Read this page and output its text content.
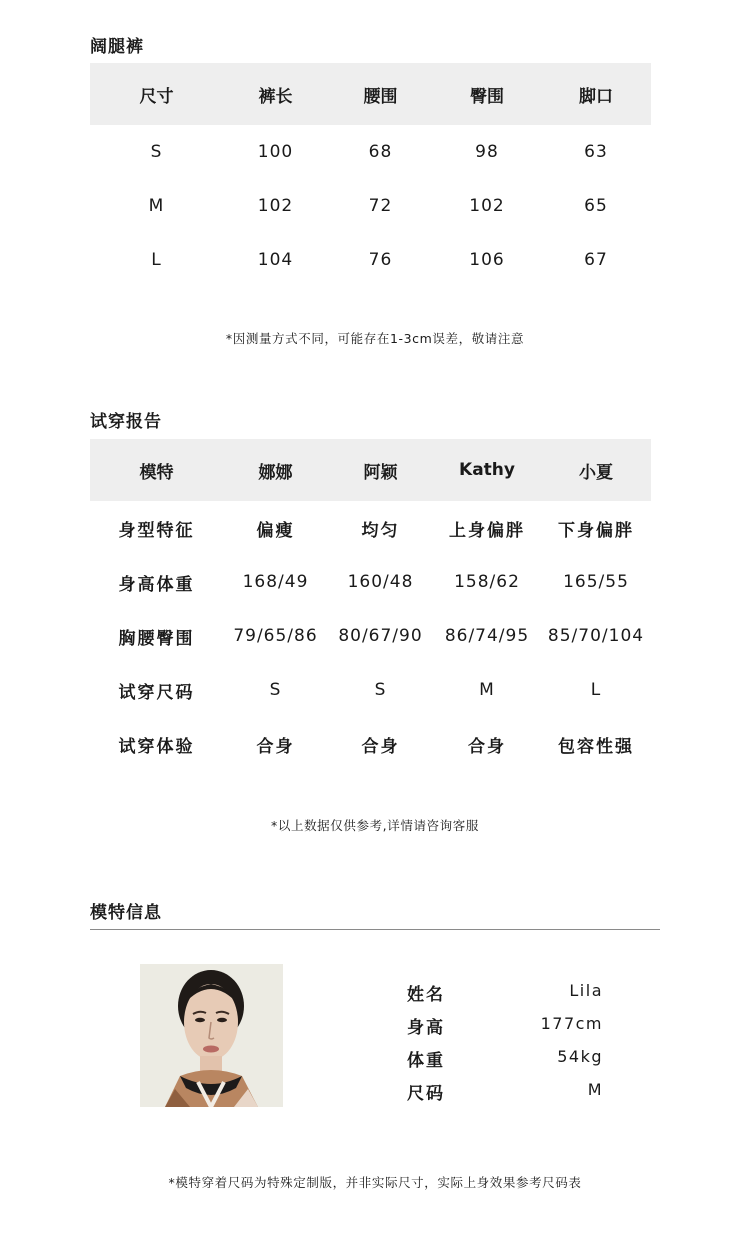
阔腿裤
尺寸	裤长	腰围	臀围	脚口
S	100	68	98	63
M	102	72	102	65
L	104	76	106	67
*因测量方式不同，可能存在1-3cm误差，敬请注意
试穿报告
模特	娜娜	阿颖	Kathy	小夏
身型特征	偏瘦	均匀	上身偏胖	下身偏胖
身高体重	168/49	160/48	158/62	165/55
胸腰臀围	79/65/86	80/67/90	86/74/95	85/70/104
试穿尺码	S	S	M	L
试穿体验	合身	合身	合身	包容性强
*以上数据仅供参考,详情请咨询客服
模特信息
姓名	Lila
身高	177cm
体重	54kg
尺码	M
*模特穿着尺码为特殊定制版，并非实际尺寸，实际上身效果参考尺码表
